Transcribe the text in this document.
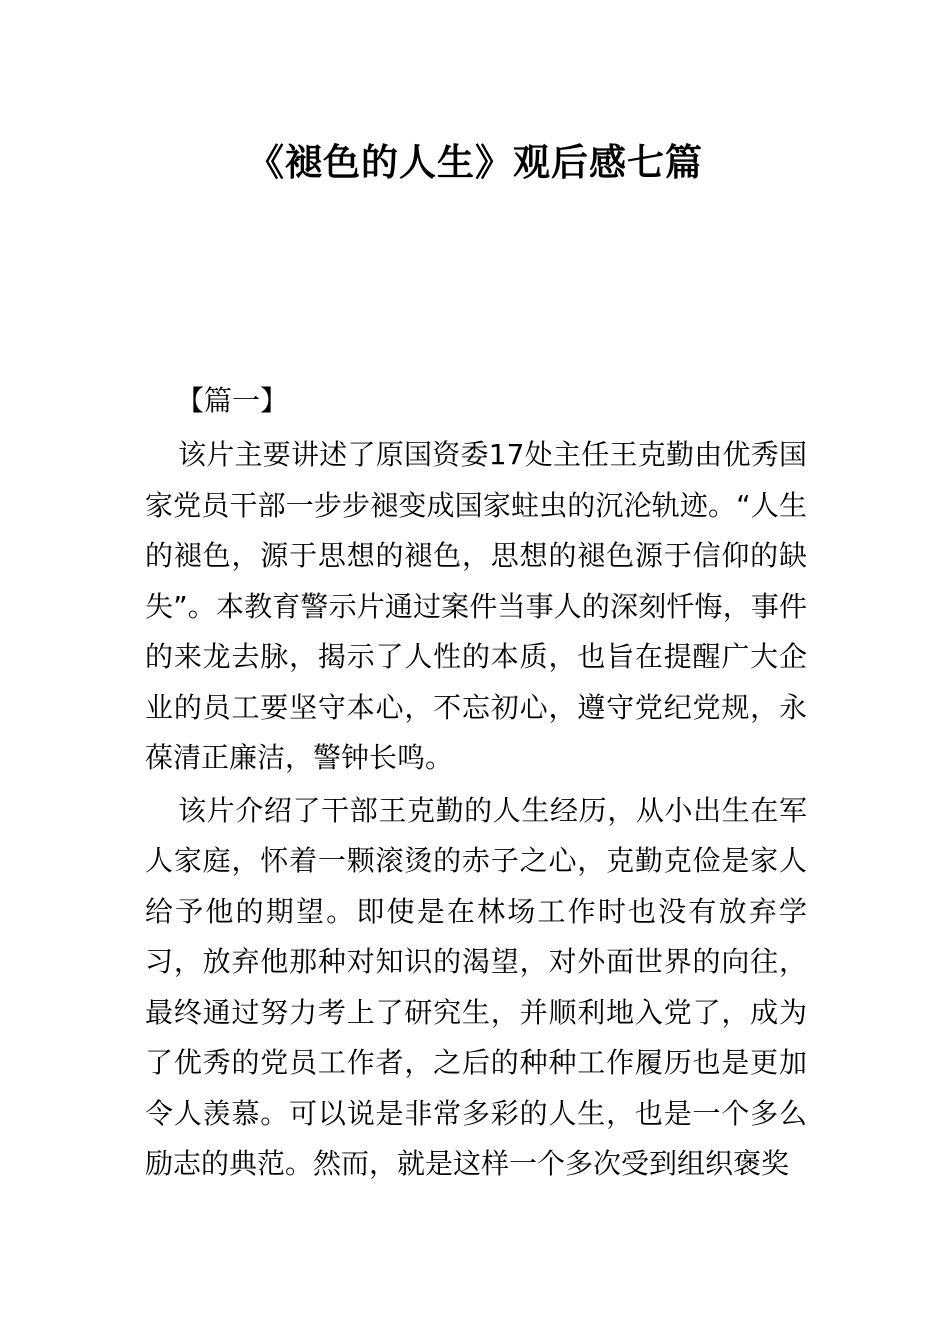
《褪色的人生》观后感七篇
【篇一】

该片主要讲述了原国资委17处主任王克勤由优秀国家党员干部一步步褪变成国家蛀虫的沉沦轨迹。“人生的褪色，源于思想的褪色，思想的褪色源于信仰的缺失”。本教育警示片通过案件当事人的深刻忏悔，事件的来龙去脉，揭示了人性的本质，也旨在提醒广大企业的员工要坚守本心，不忘初心，遵守党纪党规，永葆清正廉洁，警钟长鸣。

该片介绍了干部王克勤的人生经历，从小出生在军人家庭，怀着一颗滚烫的赤子之心，克勤克俭是家人给予他的期望。即使是在林场工作时也没有放弃学习，放弃他那种对知识的渴望，对外面世界的向往，最终通过努力考上了研究生，并顺利地入党了，成为了优秀的党员工作者，之后的种种工作履历也是更加令人羡慕。可以说是非常多彩的人生，也是一个多么励志的典范。然而，就是这样一个多次受到组织褒奖
